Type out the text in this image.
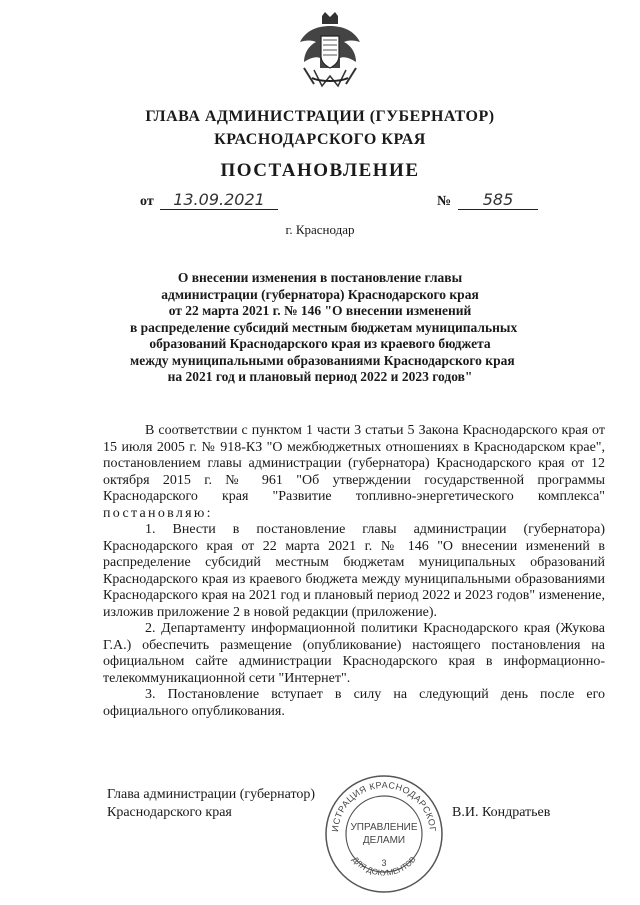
ГЛАВА АДМИНИСТРАЦИИ (ГУБЕРНАТОР)
КРАСНОДАРСКОГО КРАЯ
ПОСТАНОВЛЕНИЕ
от	13.09.2021	№	585
г. Краснодар
О внесении изменения в постановление главы
администрации (губернатора) Краснодарского края
от 22 марта 2021 г. № 146 "О внесении изменений
в распределение субсидий местным бюджетам муниципальных
образований Краснодарского края из краевого бюджета
между муниципальными образованиями Краснодарского края
на 2021 год и плановый период 2022 и 2023 годов"

В соответствии с пунктом 1 части 3 статьи 5 Закона Краснодарского края от 15 июля 2005 г. № 918-КЗ "О межбюджетных отношениях в Краснодарском крае", постановлением главы администрации (губернатора) Краснодарского края от 12 октября 2015 г. № 961 "Об утверждении государственной программы Краснодарского края "Развитие топливно-энергетического комплекса" постановляю:

1. Внести в постановление главы администрации (губернатора) Краснодарского края от 22 марта 2021 г. № 146 "О внесении изменений в распределение субсидий местным бюджетам муниципальных образований Краснодарского края из краевого бюджета между муниципальными образованиями Краснодарского края на 2021 год и плановый период 2022 и 2023 годов" изменение, изложив приложение 2 в новой редакции (приложение).

2. Департаменту информационной политики Краснодарского края (Жукова Г.А.) обеспечить размещение (опубликование) настоящего постановления на официальном сайте администрации Краснодарского края в информационно-телекоммуникационной сети "Интернет".

3. Постановление вступает в силу на следующий день после его официального опубликования.

Глава администрации (губернатор)
Краснодарского края	В.И. Кондратьев
ИСТРАЦИЯ КРАСНОДАРСКОГ
ДЛЯ ДОКУМЕНТОВ
УПРАВЛЕНИЕ
ДЕЛАМИ
3
